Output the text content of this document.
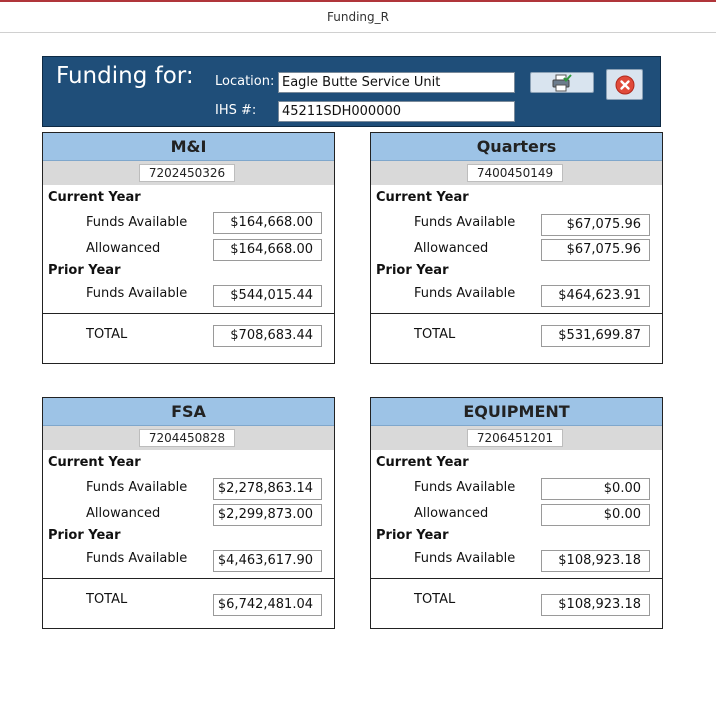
Funding_R
Funding for: Location: Eagle Butte Service Unit
IHS #:	45211SDH000000
M&I
7202450326
Current Year
Funds Available	$164,668.00
Allowanced	$164,668.00
Prior Year
Funds Available	$544,015.44
TOTAL	$708,683.44
Quarters
7400450149
Current Year
Funds Available	$67,075.96
Allowanced	$67,075.96
Prior Year
Funds Available	$464,623.91
TOTAL	$531,699.87
FSA
7204450828
Current Year
Funds Available	$2,278,863.14
Allowanced	$2,299,873.00
Prior Year
Funds Available	$4,463,617.90
TOTAL	$6,742,481.04
EQUIPMENT
7206451201
Current Year
Funds Available	$0.00
Allowanced	$0.00
Prior Year
Funds Available	$108,923.18
TOTAL	$108,923.18
